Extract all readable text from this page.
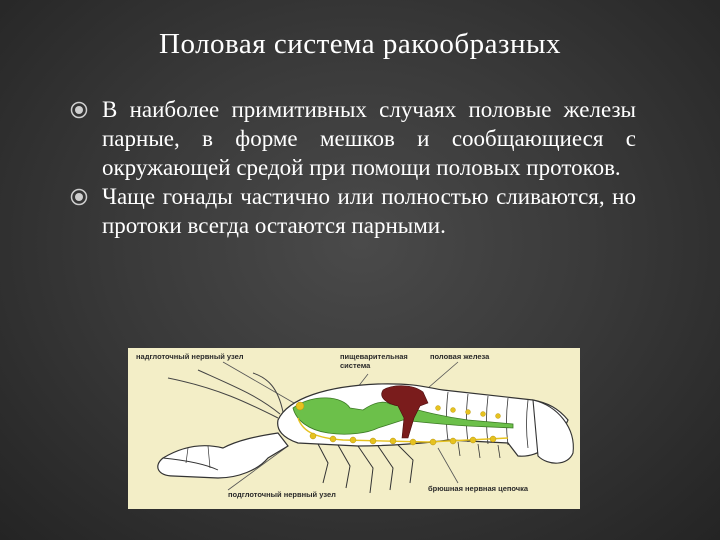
Половая система ракообразных
В наиболее примитивных случаях половые железы парные, в форме мешков и сообщающиеся с окружающей средой при помощи половых протоков.
Чаще гонады частично или полностью сливаются, но протоки всегда остаются парными.
надглоточный нервный узел	пищеварительная
система
половая железа
брюшная нервная цепочка
подглоточный нервный узел
